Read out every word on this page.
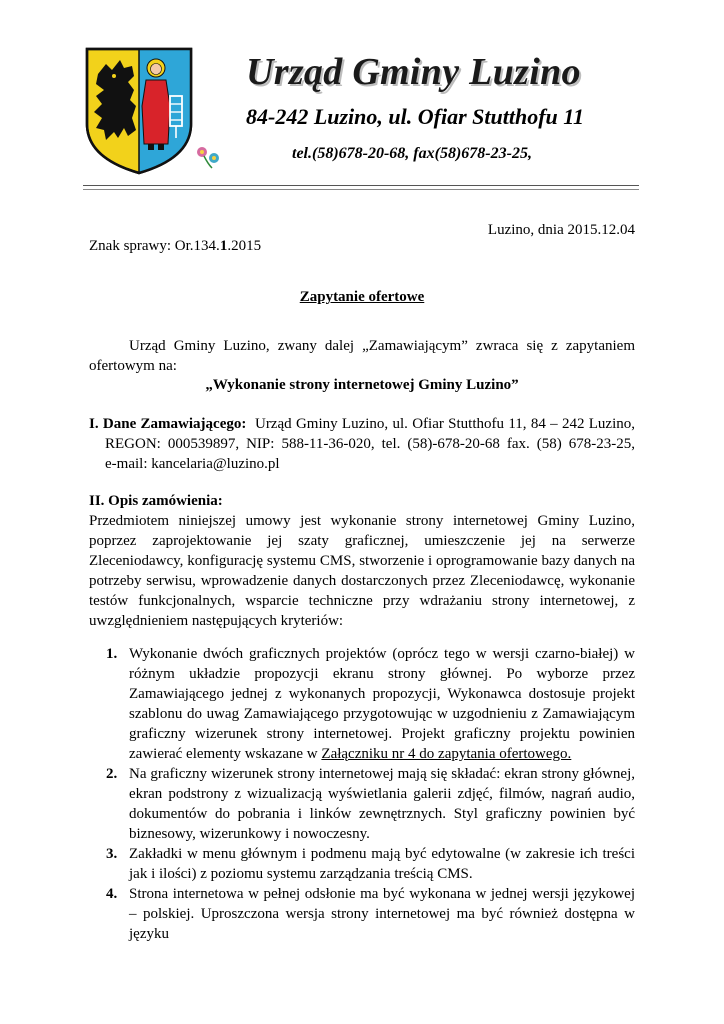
Urząd Gminy Luzino
84-242 Luzino, ul. Ofiar Stutthofu 11
tel.(58)678-20-68, fax(58)678-23-25,
Luzino, dnia 2015.12.04
Znak sprawy: Or.134.1.2015
Zapytanie ofertowe
Urząd Gminy Luzino, zwany dalej „Zamawiającym” zwraca się z zapytaniem
ofertowym na:
„Wykonanie strony internetowej Gminy Luzino”
I. Dane Zamawiającego: Urząd Gminy Luzino, ul. Ofiar Stutthofu 11, 84 – 242 Luzino,
REGON: 000539897, NIP: 588-11-36-020, tel. (58)-678-20-68 fax. (58) 678-23-25,
e-mail: kancelaria@luzino.pl
II. Opis zamówienia:
Przedmiotem niniejszej umowy jest wykonanie strony internetowej Gminy Luzino, poprzez zaprojektowanie jej szaty graficznej, umieszczenie jej na serwerze Zleceniodawcy, konfigurację systemu CMS, stworzenie i oprogramowanie bazy danych na potrzeby serwisu, wprowadzenie danych dostarczonych przez Zleceniodawcę, wykonanie testów funkcjonalnych, wsparcie techniczne przy wdrażaniu strony internetowej, z uwzględnieniem następujących kryteriów:
1. Wykonanie dwóch graficznych projektów (oprócz tego w wersji czarno-białej) w różnym układzie propozycji ekranu strony głównej. Po wyborze przez Zamawiającego jednej z wykonanych propozycji, Wykonawca dostosuje projekt szablonu do uwag Zamawiającego przygotowując w uzgodnieniu z Zamawiającym graficzny wizerunek strony internetowej. Projekt graficzny projektu powinien zawierać elementy wskazane w Załączniku nr 4 do zapytania ofertowego.
2. Na graficzny wizerunek strony internetowej mają się składać: ekran strony głównej, ekran podstrony z wizualizacją wyświetlania galerii zdjęć, filmów, nagrań audio, dokumentów do pobrania i linków zewnętrznych. Styl graficzny powinien być biznesowy, wizerunkowy i nowoczesny.
3. Zakładki w menu głównym i podmenu mają być edytowalne (w zakresie ich treści jak i ilości) z poziomu systemu zarządzania treścią CMS.
4. Strona internetowa w pełnej odsłonie ma być wykonana w jednej wersji językowej – polskiej. Uproszczona wersja strony internetowej ma być również dostępna w języku
